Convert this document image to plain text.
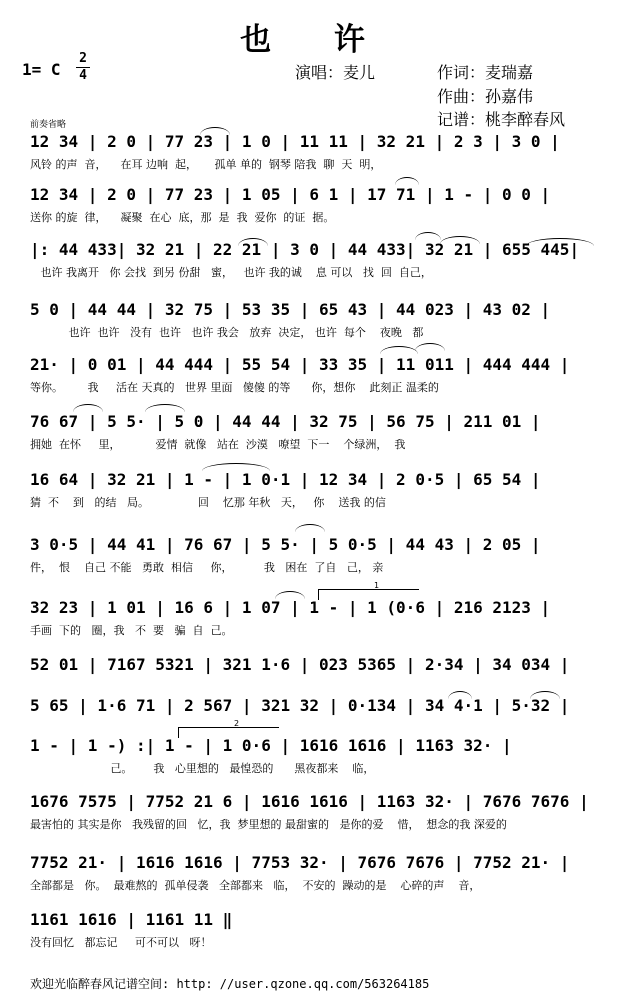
也 许
1= C
2
4	演唱：麦儿	作词：麦瑞嘉
作曲：孙嘉伟
记谱：桃李醉春风
前奏省略
12 34 | 2 0 | 77 23 | 1 0 | 11 11 | 32 21 | 2 3 | 3 0 |
风铃 的声  音，    在耳 边响  起，     孤单 单的  钢琴 陪我  聊  天  明，
12 34 | 2 0 | 77 23 | 1 05 | 6 1 | 17 71 | 1 - | 0 0 |
送你 的旋  律，    凝聚  在心  底，那  是  我  爱你  的证  据。
|: 44 433| 32 21 | 22 21 | 3 0 | 44 433| 32 21 | 655 445|
也许 我离开   你 会找  到另 份甜   蜜，   也许 我的诚    息 可以   找  回  自己，
5 0 | 44 44 | 32 75 | 53 35 | 65 43 | 44 023 | 43 02 |
也许  也许   没有  也许   也许 我会   放弃  决定， 也许  每个    夜晚   都
21· | 0 01 | 44 444 | 55 54 | 33 35 | 11 011 | 444 444 |
等你。       我     活在 天真的   世界 里面   傻傻 的等      你，想你    此刻正 温柔的
76 67 | 5 5· | 5 0 | 44 44 | 32 75 | 56 75 | 211 01 |
拥她  在怀     里，          爱情  就像   站在  沙漠   嘹望  下一    个绿洲，  我
16 64 | 32 21 | 1 - | 1 0·1 | 12 34 | 2 0·5 | 65 54 |
猜  不    到   的结   局。              回    忆那 年秋   天，   你    送我 的信
3 0·5 | 44 41 | 76 67 | 5 5· | 5 0·5 | 44 43 | 2 05 |
件，  恨    自己 不能   勇敢  相信     你，         我   困在  了自   己， 亲
32 23 | 1 01 | 16 6 | 1 07 | 1 - | 1 (0·6 | 216 2123 |
手画  下的   圈，我   不  要   骗  自  己。
52 01 | 7167 5321 | 321 1·6 | 023 5365 | 2·34 | 34 034 |
5 65 | 1·6 71 | 2 567 | 321 32 | 0·134 | 34 4·1 | 5·32 |
1 - | 1 -) :| 1 - | 1 0·6 | 1616 1616 | 1163 32· |
己。      我   心里想的   最惶恐的      黑夜都来    临，
1676 7575 | 7752 21 6 | 1616 1616 | 1163 32· | 7676 7676 |
最害怕的 其实是你   我残留的回   忆，我  梦里想的 最甜蜜的   是你的爱    惜，  想念的我 深爱的
7752 21· | 1616 1616 | 7753 32· | 7676 7676 | 7752 21· |
全部都是   你。  最难熬的  孤单侵袭   全部都来   临，  不安的  躁动的是    心碎的声    音，
1161 1616 | 1161 11 ‖
没有回忆   都忘记     可不可以   呀！
1
2
欢迎光临醉春风记谱空间: http: //user.qzone.qq.com/563264185
